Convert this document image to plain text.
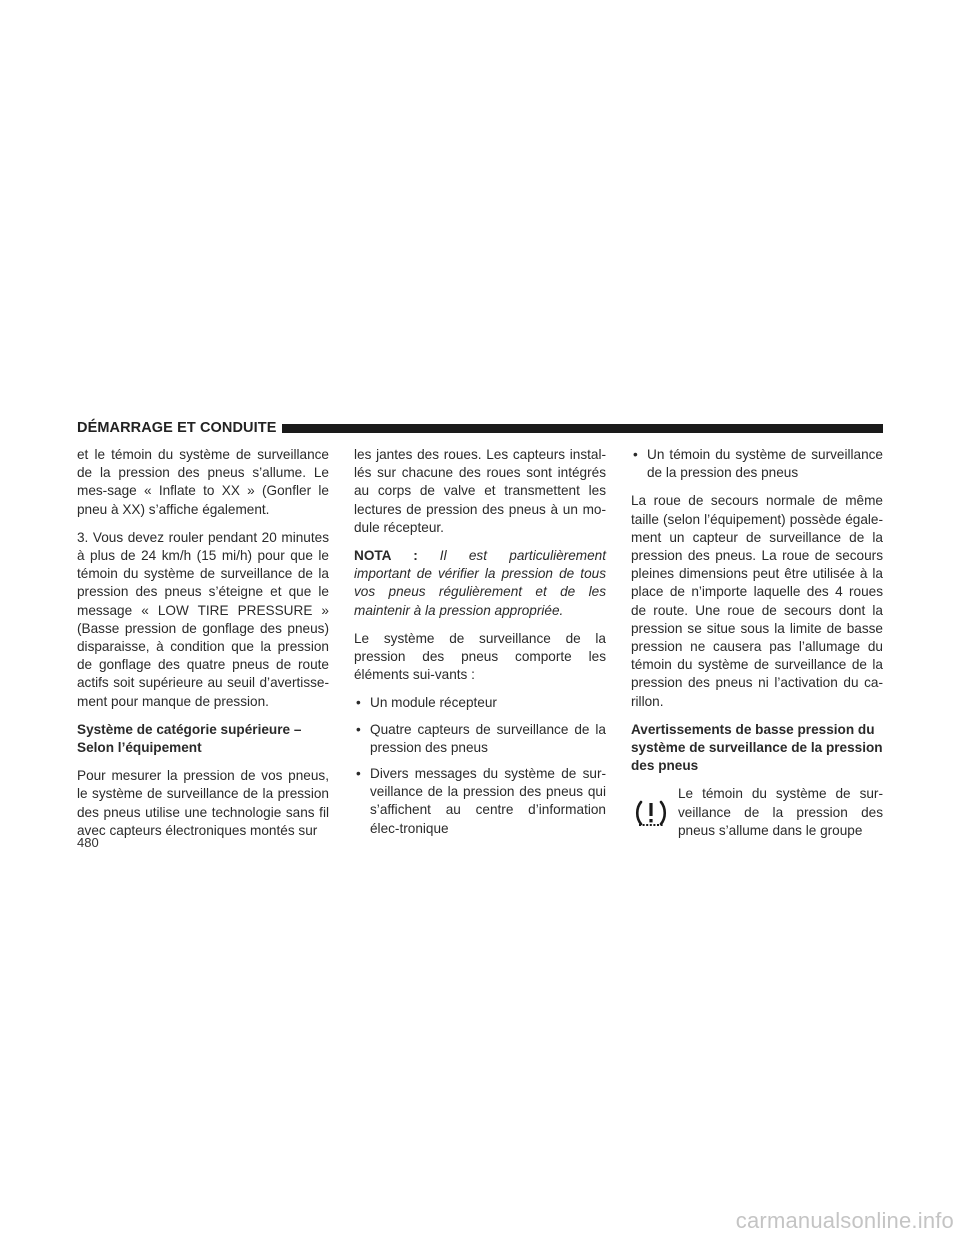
DÉMARRAGE ET CONDUITE

et le témoin du système de surveillance de la pression des pneus s’allume. Le mes-sage « Inflate to XX » (Gonfler le pneu à XX) s’affiche également.

3. Vous devez rouler pendant 20 minutes à plus de 24 km/h (15 mi/h) pour que le témoin du système de surveillance de la pression des pneus s’éteigne et que le message « LOW TIRE PRESSURE » (Basse pression de gonflage des pneus) disparaisse, à condition que la pression de gonflage des quatre pneus de route actifs soit supérieure au seuil d’avertisse-ment pour manque de pression.

Système de catégorie supérieure – Selon l’équipement

Pour mesurer la pression de vos pneus, le système de surveillance de la pression des pneus utilise une technologie sans fil avec capteurs électroniques montés sur

les jantes des roues. Les capteurs instal-lés sur chacune des roues sont intégrés au corps de valve et transmettent les lectures de pression des pneus à un mo-dule récepteur.

NOTA : Il est particulièrement important de vérifier la pression de tous vos pneus régulièrement et de les maintenir à la pression appropriée.

Le système de surveillance de la pression des pneus comporte les éléments sui-vants :

• Un module récepteur
• Quatre capteurs de surveillance de la pression des pneus
• Divers messages du système de sur-veillance de la pression des pneus qui s’affichent au centre d’information élec-tronique
• Un témoin du système de surveillance de la pression des pneus

La roue de secours normale de même taille (selon l’équipement) possède égale-ment un capteur de surveillance de la pression des pneus. La roue de secours pleines dimensions peut être utilisée à la place de n’importe laquelle des 4 roues de route. Une roue de secours dont la pression se situe sous la limite de basse pression ne causera pas l’allumage du témoin du système de surveillance de la pression des pneus ni l’activation du ca-rillon.

Avertissements de basse pression du système de surveillance de la pression des pneus

Le témoin du système de sur-veillance de la pression des pneus s’allume dans le groupe

480
carmanualsonline.info
